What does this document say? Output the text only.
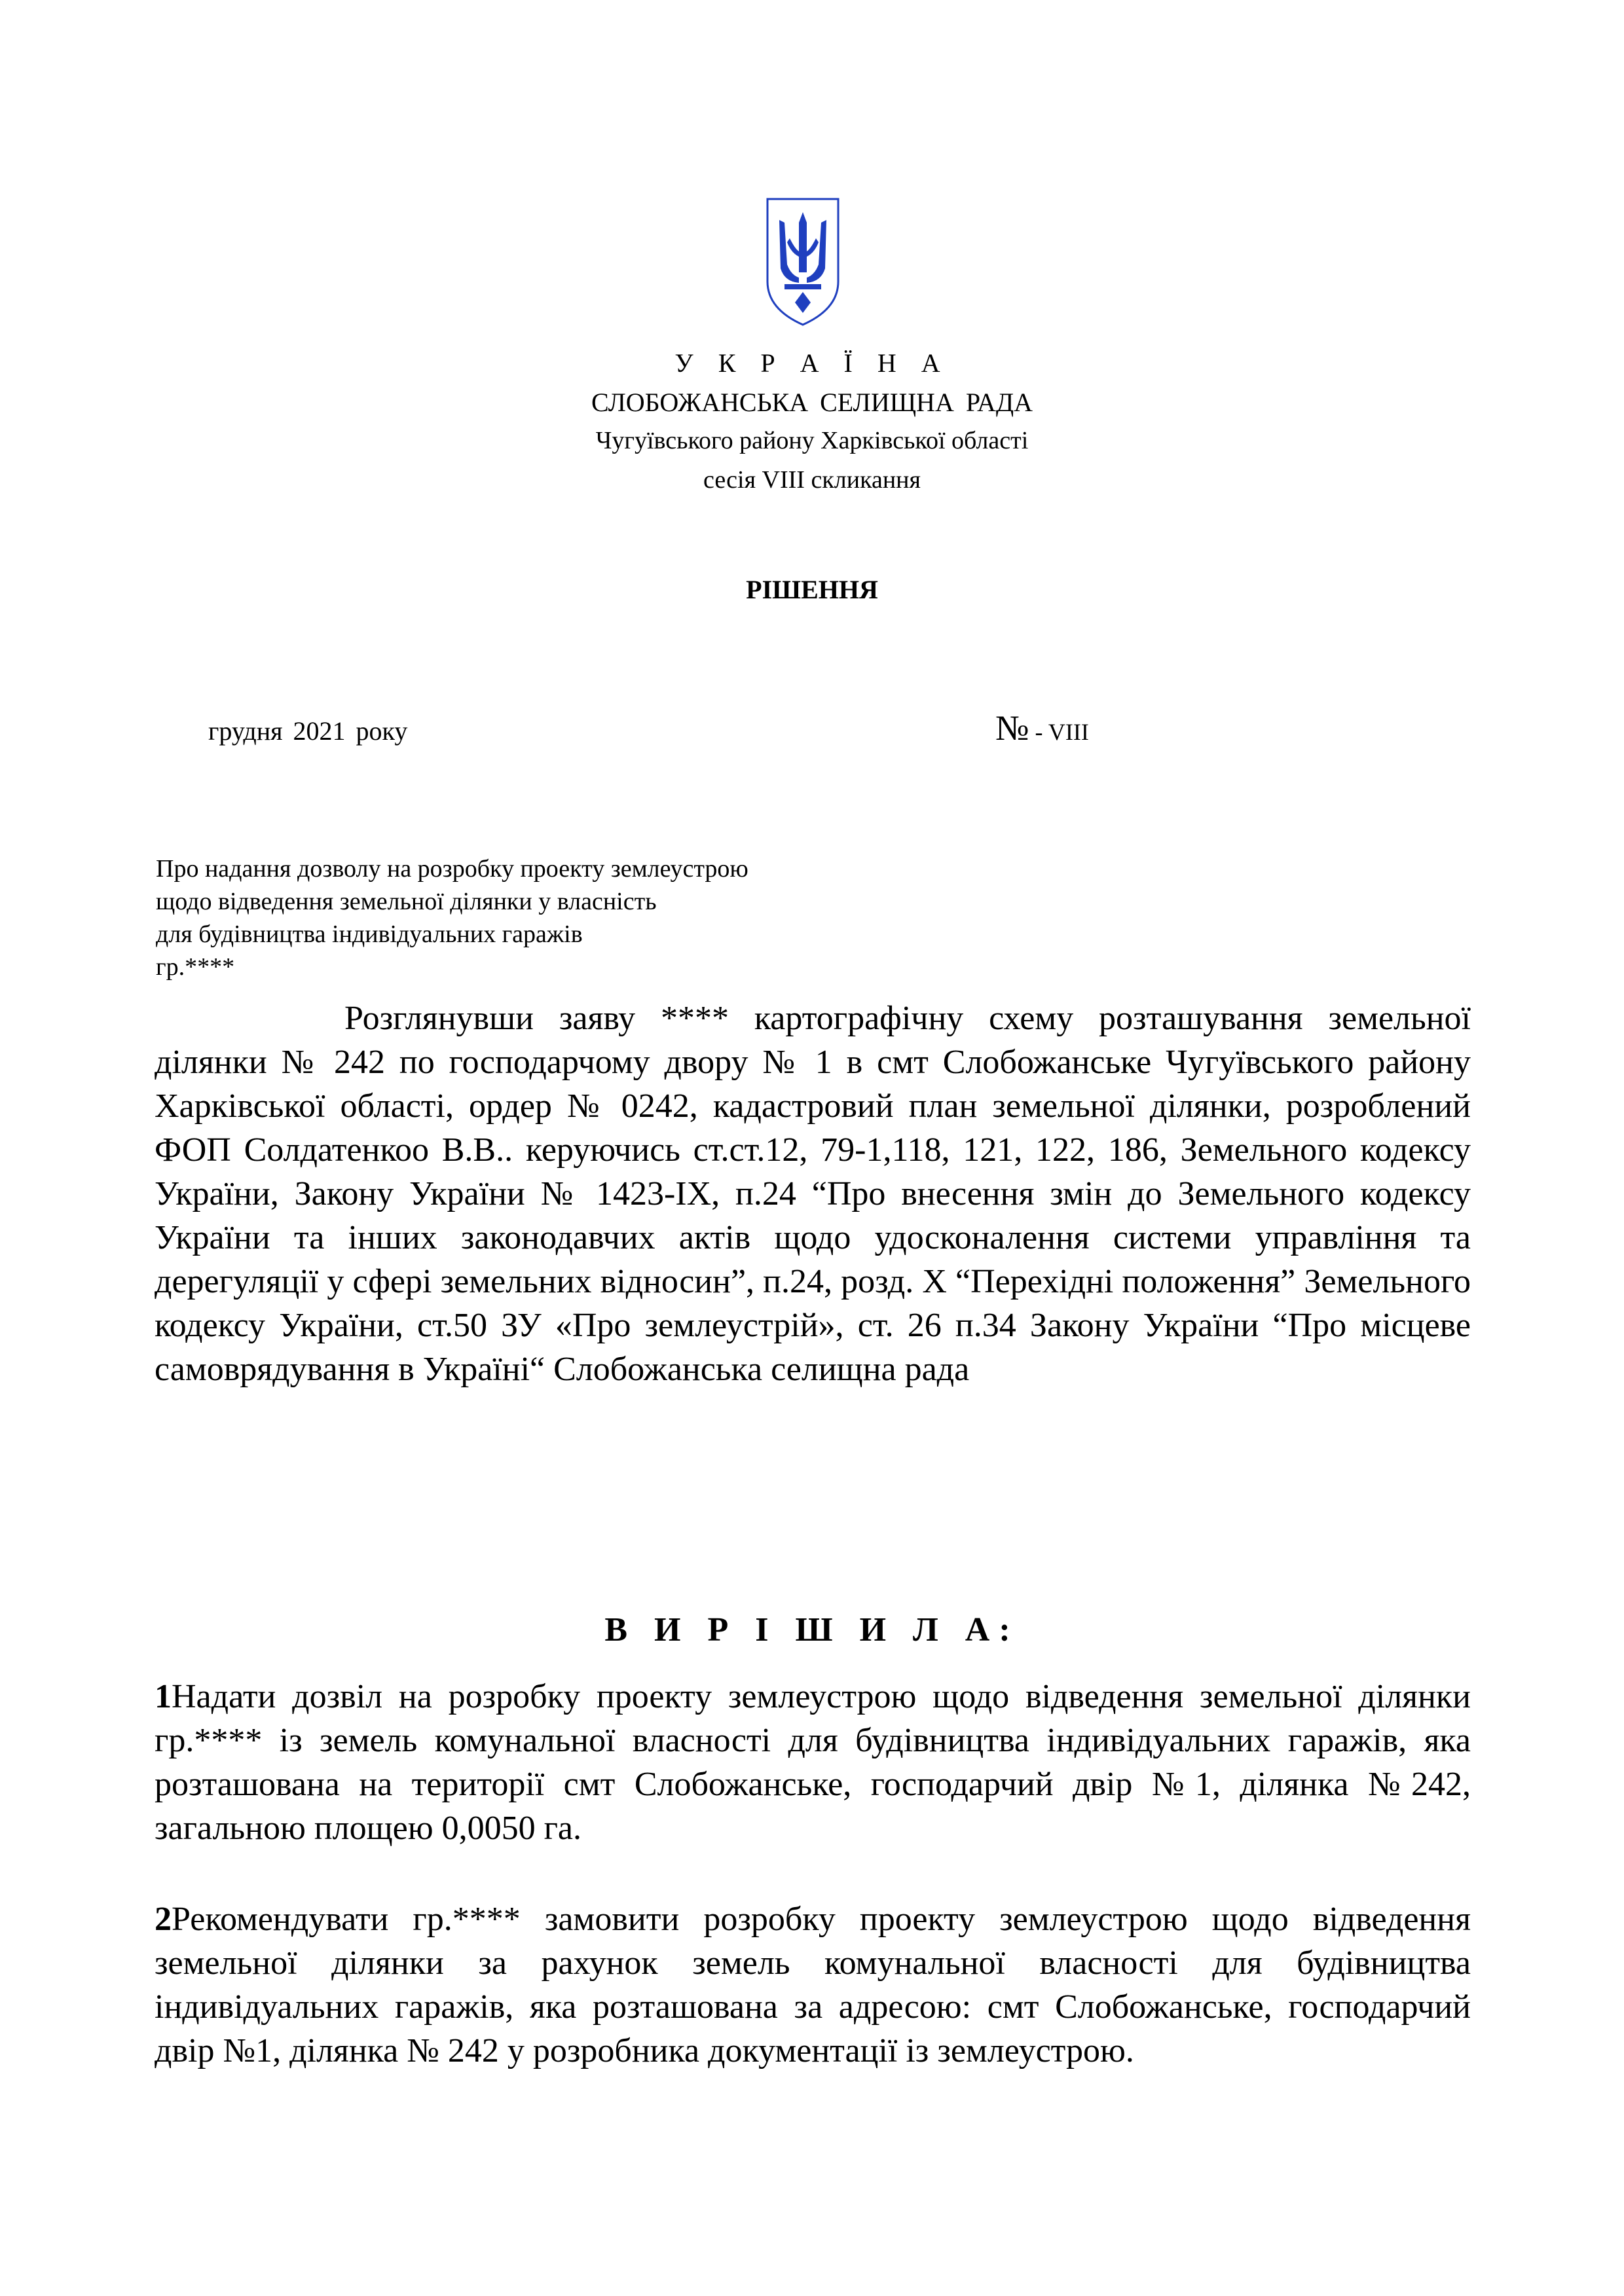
У К Р А Ї Н А
СЛОБОЖАНСЬКА СЕЛИЩНА РАДА
Чугуївського району Харківської області
сесія VIII скликання
РІШЕННЯ
грудня 2021 року	№ - VIII
Про надання дозволу на розробку проекту землеустрою
щодо відведення земельної ділянки у власність
для будівництва індивідуальних гаражів
гр.****
Розглянувши заяву **** картографічну схему розташування земельної ділянки № 242 по господарчому двору № 1 в смт Слобожанське Чугуївського району Харківської області, ордер № 0242, кадастровий план земельної ділянки, розроблений ФОП Солдатенкоо В.В.. керуючись ст.ст.12, 79-1,118, 121, 122, 186, Земельного кодексу України, Закону України № 1423-IX, п.24 “Про внесення змін до Земельного кодексу України та інших законодавчих актів щодо удосконалення системи управління та дерегуляції у сфері земельних відносин”, п.24, розд. Х “Перехідні положення” Земельного кодексу України, ст.50 ЗУ «Про землеустрій», ст. 26 п.34 Закону України “Про місцеве самоврядування в Україні“ Слобожанська селищна рада
В И Р І Ш И Л А:
1Надати дозвіл на розробку проекту землеустрою щодо відведення земельної ділянки гр.**** із земель комунальної власності для будівництва індивідуальних гаражів, яка розташована на території смт Слобожанське, господарчий двір №1, ділянка №242, загальною площею 0,0050 га.
2Рекомендувати гр.**** замовити розробку проекту землеустрою щодо відведення земельної ділянки за рахунок земель комунальної власності для будівництва індивідуальних гаражів, яка розташована за адресою: смт Слобожанське, господарчий двір №1, ділянка № 242 у розробника документації із землеустрою.
